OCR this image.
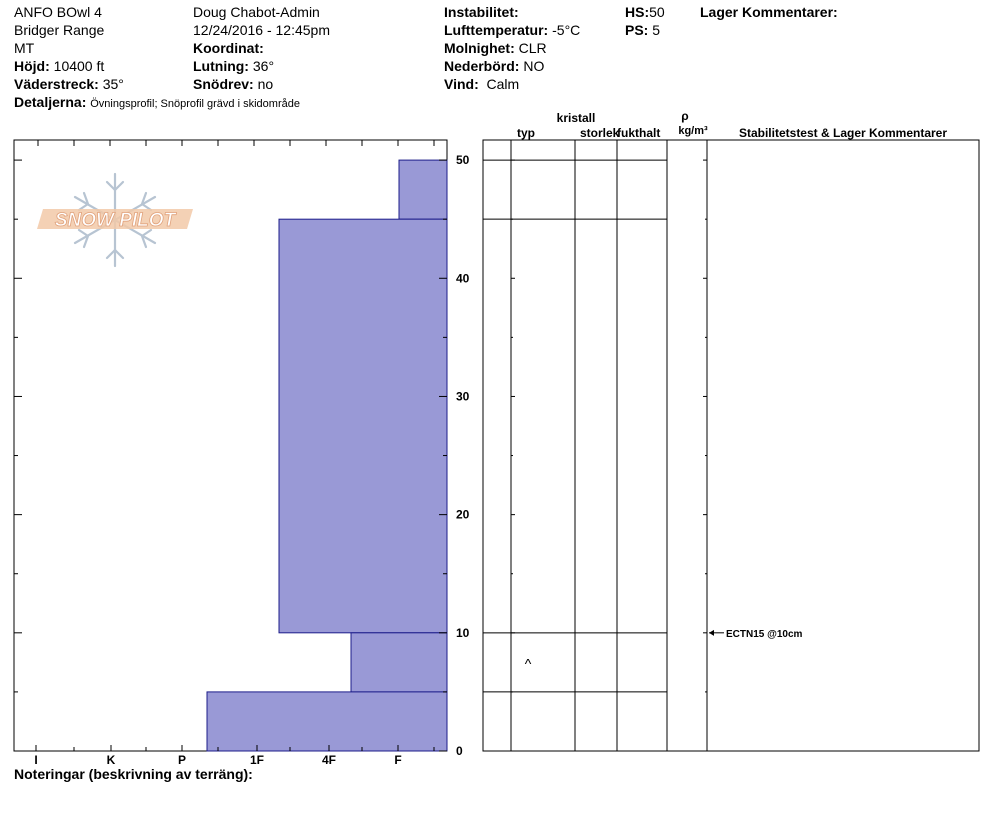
ANFO BOwl 4
Bridger Range
MT
Höjd: 10400 ft
Väderstreck: 35°
Detaljerna: Övningsprofil; Snöprofil grävd i skidområde
Doug Chabot-Admin
12/24/2016 - 12:45pm
Koordinat:
Lutning: 36°
Snödrev: no
Instabilitet:
Lufttemperatur: -5°C
Molnighet: CLR
Nederbörd: NO
Vind: Calm
HS:50
PS: 5
Lager Kommentarer:
SNOW PILOT
0
10
20
30
40
50
I	K	P	1F	4F	F
kristall
typ	storlek
fukthalt
ρ
kg/m³	Stabilitetstest & Lager Kommentarer
^
ECTN15 @10cm
Noteringar (beskrivning av terräng):
